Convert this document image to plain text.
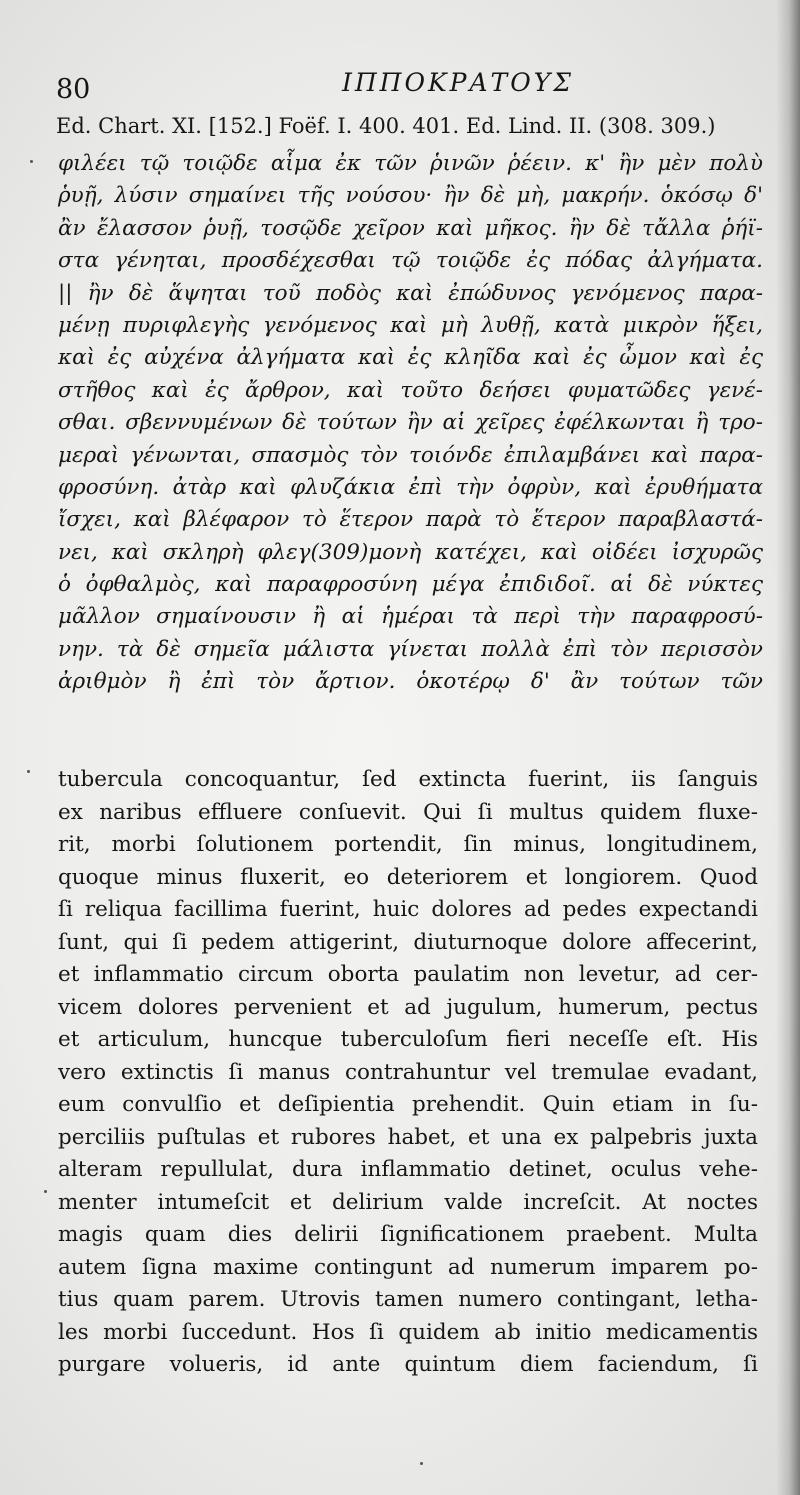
80	ΙΠΠΟΚΡΑΤΟΥΣ
Ed. Chart. XI. [152.] Foёf. I. 400. 401. Ed. Lind. II. (308. 309.)
φιλέει τῷ τοιῷδε αἷμα ἐκ τῶν ῥινῶν ῥέειν. κ' ἢν μὲν πολὺ
ῥυῇ, λύσιν σημαίνει τῆς νούσου· ἢν δὲ μὴ, μακρήν. ὁκόσῳ δ'
ἂν ἔλασσον ῥυῇ, τοσῷδε χεῖρον καὶ μῆκος. ἢν δὲ τἄλλα ῥήϊ-
στα γένηται, προσδέχεσθαι τῷ τοιῷδε ἐς πόδας ἀλγήματα.
|| ἢν δὲ ἅψηται τοῦ ποδὸς καὶ ἐπώδυνος γενόμενος παρα-
μένῃ πυριφλεγὴς γενόμενος καὶ μὴ λυθῇ, κατὰ μικρὸν ἥξει,
καὶ ἐς αὐχένα ἀλγήματα καὶ ἐς κληῖδα καὶ ἐς ὦμον καὶ ἐς
στῆθος καὶ ἐς ἄρθρον, καὶ τοῦτο δεήσει φυματῶδες γενέ-
σθαι. σβεννυμένων δὲ τούτων ἢν αἱ χεῖρες ἐφέλκωνται ἢ τρο-
μεραὶ γένωνται, σπασμὸς τὸν τοιόνδε ἐπιλαμβάνει καὶ παρα-
φροσύνη. ἀτὰρ καὶ φλυζάκια ἐπὶ τὴν ὀφρὺν, καὶ ἐρυθήματα
ἴσχει, καὶ βλέφαρον τὸ ἕτερον παρὰ τὸ ἕτερον παραβλαστά-
νει, καὶ σκληρὴ φλεγ(309)μονὴ κατέχει, καὶ οἰδέει ἰσχυρῶς
ὁ ὀφθαλμὸς, καὶ παραφροσύνη μέγα ἐπιδιδοῖ. αἱ δὲ νύκτες
μᾶλλον σημαίνουσιν ἢ αἱ ἡμέραι τὰ περὶ τὴν παραφροσύ-
νην. τὰ δὲ σημεῖα μάλιστα γίνεται πολλὰ ἐπὶ τὸν περισσὸν
ἀριθμὸν ἢ ἐπὶ τὸν ἄρτιον. ὁκοτέρῳ δ' ἂν τούτων τῶν
tubercula concoquantur, ſed extincta fuerint, iis ſanguis
ex naribus effluere conſuevit. Qui ſi multus quidem fluxe-
rit, morbi ſolutionem portendit, ſin minus, longitudinem,
quoque minus fluxerit, eo deteriorem et longiorem. Quod
ſi reliqua facillima fuerint, huic dolores ad pedes expectandi
ſunt, qui ſi pedem attigerint, diuturnoque dolore affecerint,
et inflammatio circum oborta paulatim non levetur, ad cer-
vicem dolores pervenient et ad jugulum, humerum, pectus
et articulum, huncque tuberculoſum fieri neceſſe eſt. His
vero extinctis ſi manus contrahuntur vel tremulae evadant,
eum convulſio et deſipientia prehendit. Quin etiam in ſu-
perciliis puſtulas et rubores habet, et una ex palpebris juxta
alteram repullulat, dura inflammatio detinet, oculus vehe-
menter intumeſcit et delirium valde increſcit. At noctes
magis quam dies delirii ſignificationem praebent. Multa
autem ſigna maxime contingunt ad numerum imparem po-
tius quam parem. Utrovis tamen numero contingant, letha-
les morbi ſuccedunt. Hos ſi quidem ab initio medicamentis
purgare volueris, id ante quintum diem faciendum, ſi
